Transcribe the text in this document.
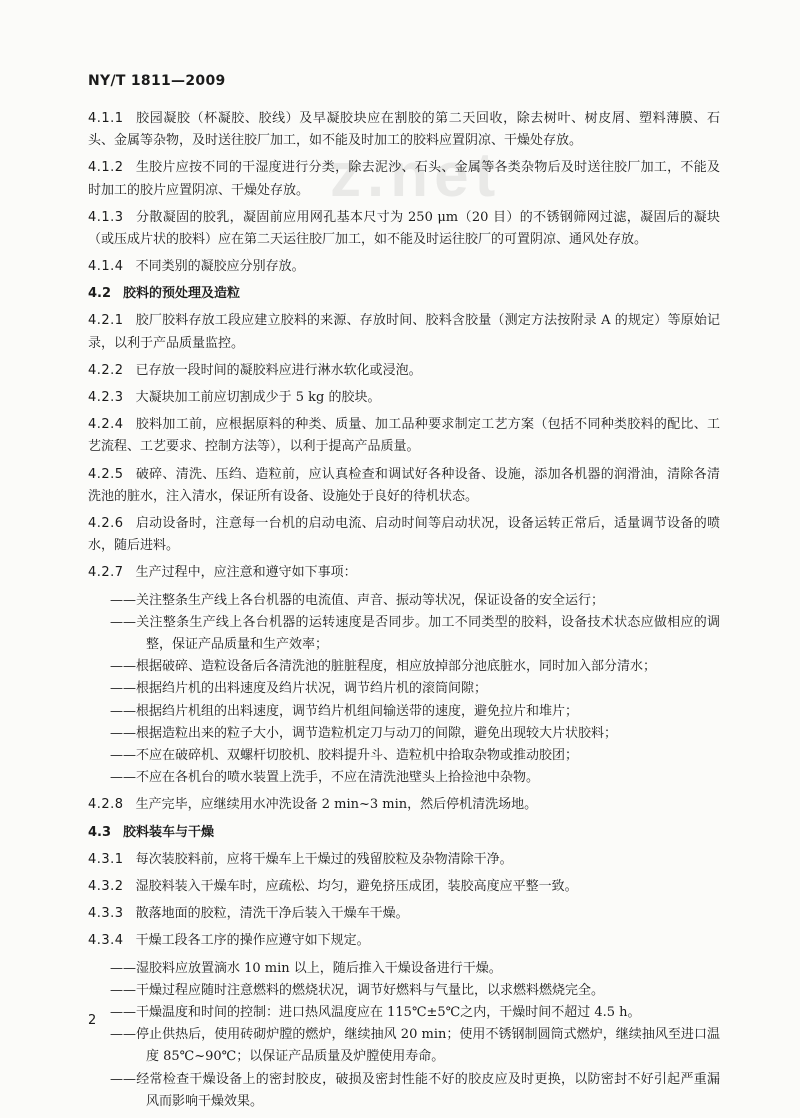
NY/T 1811—2009
z.net

4.1.1 胶园凝胶（杯凝胶、胶线）及早凝胶块应在割胶的第二天回收，除去树叶、树皮屑、塑料薄膜、石头、金属等杂物，及时送往胶厂加工，如不能及时加工的胶料应置阴凉、干燥处存放。

4.1.2 生胶片应按不同的干湿度进行分类，除去泥沙、石头、金属等各类杂物后及时送往胶厂加工，不能及时加工的胶片应置阴凉、干燥处存放。

4.1.3 分散凝固的胶乳，凝固前应用网孔基本尺寸为 250 μm（20 目）的不锈钢筛网过滤，凝固后的凝块（或压成片状的胶料）应在第二天运往胶厂加工，如不能及时运往胶厂的可置阴凉、通风处存放。

4.1.4 不同类别的凝胶应分别存放。

4.2 胶料的预处理及造粒

4.2.1 胶厂胶料存放工段应建立胶料的来源、存放时间、胶料含胶量（测定方法按附录 A 的规定）等原始记录，以利于产品质量监控。

4.2.2 已存放一段时间的凝胶料应进行淋水软化或浸泡。

4.2.3 大凝块加工前应切割成少于 5 kg 的胶块。

4.2.4 胶料加工前，应根据原料的种类、质量、加工品种要求制定工艺方案（包括不同种类胶料的配比、工艺流程、工艺要求、控制方法等），以利于提高产品质量。

4.2.5 破碎、清洗、压绉、造粒前，应认真检查和调试好各种设备、设施，添加各机器的润滑油，清除各清洗池的脏水，注入清水，保证所有设备、设施处于良好的待机状态。

4.2.6 启动设备时，注意每一台机的启动电流、启动时间等启动状况，设备运转正常后，适量调节设备的喷水，随后进料。

4.2.7 生产过程中，应注意和遵守如下事项：

——关注整条生产线上各台机器的电流值、声音、振动等状况，保证设备的安全运行；
——关注整条生产线上各台机器的运转速度是否同步。加工不同类型的胶料，设备技术状态应做相应的调整，保证产品质量和生产效率；
——根据破碎、造粒设备后各清洗池的脏脏程度，相应放掉部分池底脏水，同时加入部分清水；
——根据绉片机的出料速度及绉片状况，调节绉片机的滚筒间隙；
——根据绉片机组的出料速度，调节绉片机组间输送带的速度，避免拉片和堆片；
——根据造粒出来的粒子大小，调节造粒机定刀与动刀的间隙，避免出现较大片状胶料；
——不应在破碎机、双螺杆切胶机、胶料提升斗、造粒机中拾取杂物或推动胶团；
——不应在各机台的喷水装置上洗手，不应在清洗池壁头上拾捡池中杂物。

4.2.8 生产完毕，应继续用水冲洗设备 2 min~3 min，然后停机清洗场地。

4.3 胶料装车与干燥

4.3.1 每次装胶料前，应将干燥车上干燥过的残留胶粒及杂物清除干净。

4.3.2 湿胶料装入干燥车时，应疏松、均匀，避免挤压成团，装胶高度应平整一致。

4.3.3 散落地面的胶粒，清洗干净后装入干燥车干燥。

4.3.4 干燥工段各工序的操作应遵守如下规定。

——湿胶料应放置滴水 10 min 以上，随后推入干燥设备进行干燥。
——干燥过程应随时注意燃料的燃烧状况，调节好燃料与气量比，以求燃料燃烧完全。
——干燥温度和时间的控制：进口热风温度应在 115℃±5℃之内，干燥时间不超过 4.5 h。
——停止供热后，使用砖砌炉膛的燃炉，继续抽风 20 min；使用不锈钢制圆筒式燃炉，继续抽风至进口温度 85℃~90℃；以保证产品质量及炉膛使用寿命。
——经常检查干燥设备上的密封胶皮，破损及密封性能不好的胶皮应及时更换，以防密封不好引起严重漏风而影响干燥效果。
2
